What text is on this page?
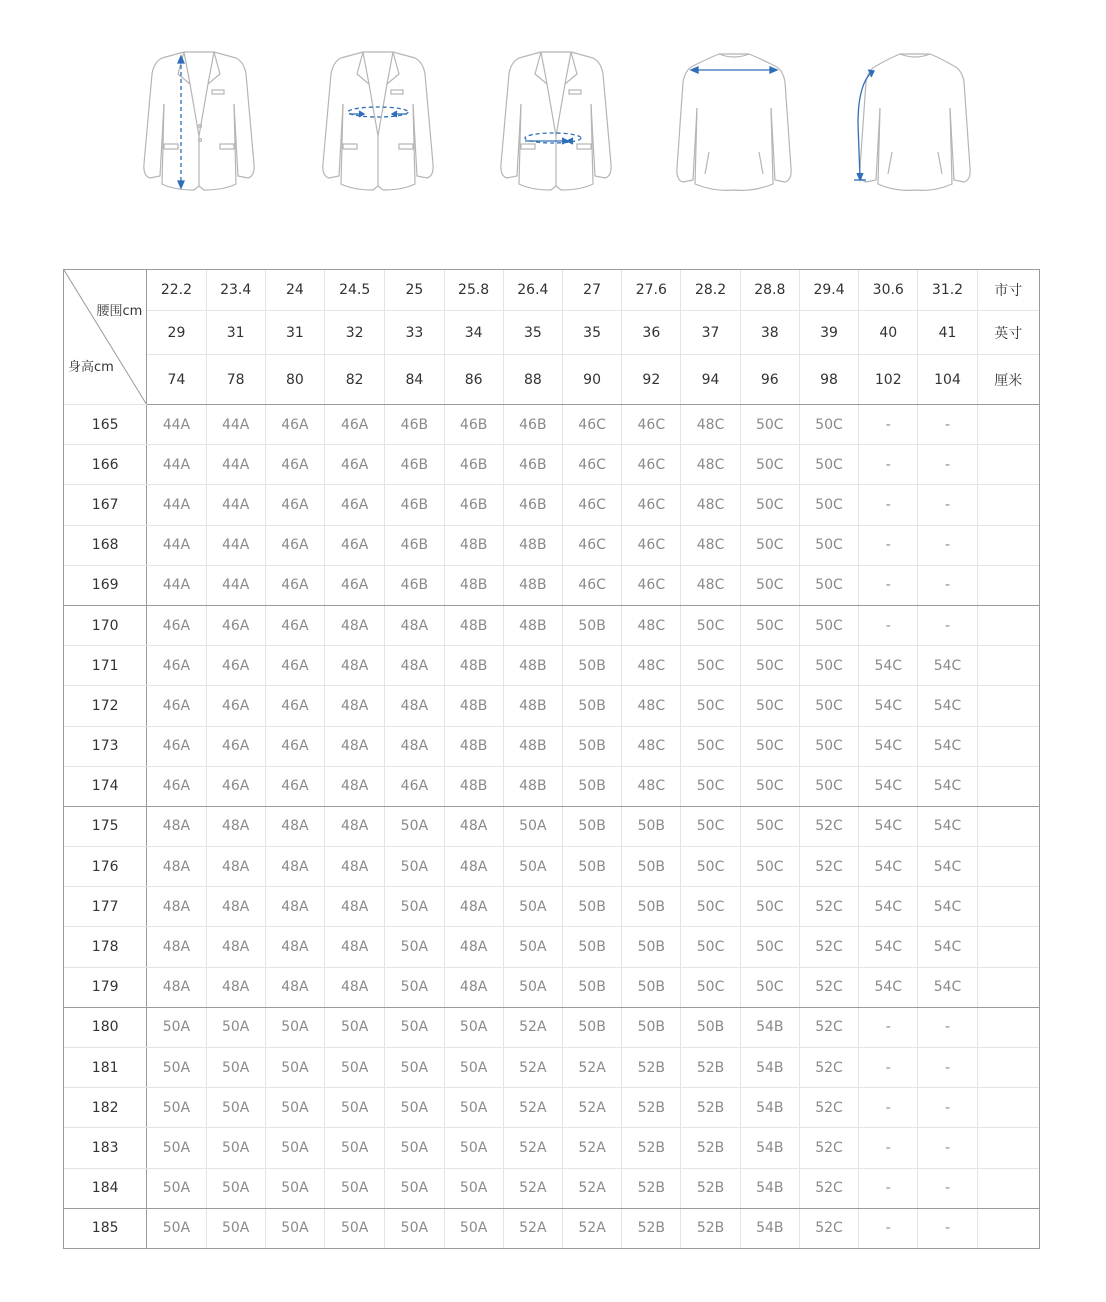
腰围cm
身高cm	22.2	23.4	24	24.5	25	25.8	26.4	27	27.6	28.2	28.8	29.4	30.6	31.2	市寸
	29	31	31	32	33	34	35	35	36	37	38	39	40	41	英寸
	74	78	80	82	84	86	88	90	92	94	96	98	102	104	厘米
165	44A	44A	46A	46A	46B	46B	46B	46C	46C	48C	50C	50C	-	-	
166	44A	44A	46A	46A	46B	46B	46B	46C	46C	48C	50C	50C	-	-	
167	44A	44A	46A	46A	46B	46B	46B	46C	46C	48C	50C	50C	-	-	
168	44A	44A	46A	46A	46B	48B	48B	46C	46C	48C	50C	50C	-	-	
169	44A	44A	46A	46A	46B	48B	48B	46C	46C	48C	50C	50C	-	-	
170	46A	46A	46A	48A	48A	48B	48B	50B	48C	50C	50C	50C	-	-	
171	46A	46A	46A	48A	48A	48B	48B	50B	48C	50C	50C	50C	54C	54C	
172	46A	46A	46A	48A	48A	48B	48B	50B	48C	50C	50C	50C	54C	54C	
173	46A	46A	46A	48A	48A	48B	48B	50B	48C	50C	50C	50C	54C	54C	
174	46A	46A	46A	48A	46A	48B	48B	50B	48C	50C	50C	50C	54C	54C	
175	48A	48A	48A	48A	50A	48A	50A	50B	50B	50C	50C	52C	54C	54C	
176	48A	48A	48A	48A	50A	48A	50A	50B	50B	50C	50C	52C	54C	54C	
177	48A	48A	48A	48A	50A	48A	50A	50B	50B	50C	50C	52C	54C	54C	
178	48A	48A	48A	48A	50A	48A	50A	50B	50B	50C	50C	52C	54C	54C	
179	48A	48A	48A	48A	50A	48A	50A	50B	50B	50C	50C	52C	54C	54C	
180	50A	50A	50A	50A	50A	50A	52A	50B	50B	50B	54B	52C	-	-	
181	50A	50A	50A	50A	50A	50A	52A	52A	52B	52B	54B	52C	-	-	
182	50A	50A	50A	50A	50A	50A	52A	52A	52B	52B	54B	52C	-	-	
183	50A	50A	50A	50A	50A	50A	52A	52A	52B	52B	54B	52C	-	-	
184	50A	50A	50A	50A	50A	50A	52A	52A	52B	52B	54B	52C	-	-	
185	50A	50A	50A	50A	50A	50A	52A	52A	52B	52B	54B	52C	-	-	
